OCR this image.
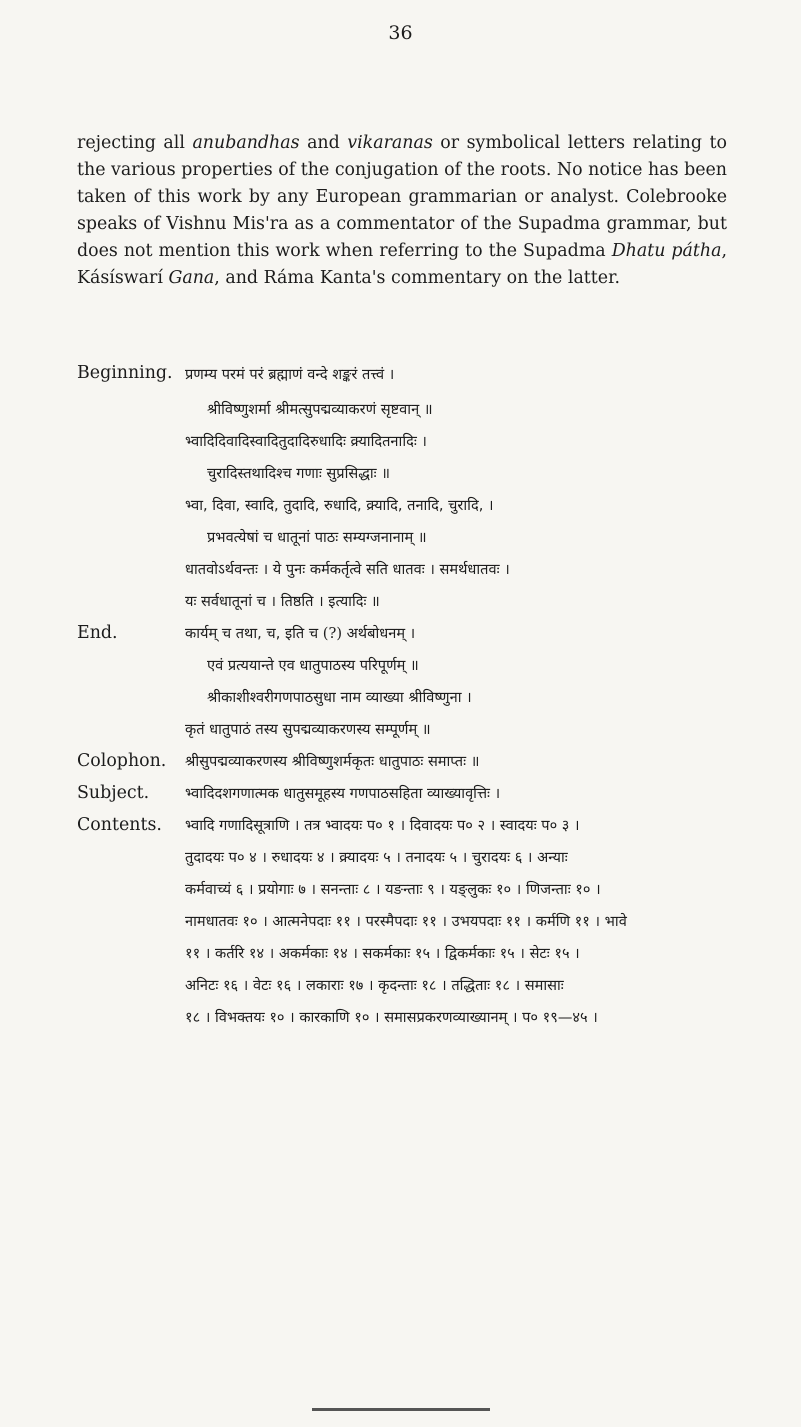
36

rejecting all anubandhas and vikaranas or symbolical letters relating to the various properties of the conjugation of the roots. No notice has been taken of this work by any European grammarian or analyst. Colebrooke speaks of Vishnu Mis'ra as a commentator of the Supadma grammar, but does not mention this work when referring to the Supadma Dhatu pátha, Kásíswarí Gana, and Ráma Kanta's commentary on the latter.

Beginning. प्रणम्य परमं परं ब्रह्माणं वन्दे शङ्करं तत्त्वं ।
श्रीविष्णुशर्मा श्रीमत्सुपद्मव्याकरणं सृष्टवान् ॥
भ्वादिदिवादिस्वादितुदादिरुधादिः क्र्यादितनादिः ।
चुरादिस्तथादिश्च गणाः सुप्रसिद्धाः ॥
भ्वा, दिवा, स्वादि, तुदादि, रुधादि, क्र्यादि, तनादि, चुरादि, ।
प्रभवत्येषां च धातूनां पाठः सम्यग्जनानाम् ॥
धातवोऽर्थवन्तः । ये पुनः कर्मकर्तृत्वे सति धातवः । समर्थधातवः ।
यः सर्वधातूनां च । तिष्ठति । इत्यादिः ॥
End.	कार्यम् च तथा, च, इति च (?) अर्थबोधनम् ।
एवं प्रत्ययान्ते एव धातुपाठस्य परिपूर्णम् ॥
श्रीकाशीश्वरीगणपाठसुधा नाम व्याख्या श्रीविष्णुना ।
कृतं धातुपाठं तस्य सुपद्मव्याकरणस्य सम्पूर्णम् ॥
Colophon.	श्रीसुपद्मव्याकरणस्य श्रीविष्णुशर्मकृतः धातुपाठः समाप्तः ॥
Subject.	भ्वादिदशगणात्मक धातुसमूहस्य गणपाठसहिता व्याख्यावृत्तिः ।
Contents.	भ्वादि गणादिसूत्राणि । तत्र भ्वादयः प० १ । दिवादयः प० २ । स्वादयः प० ३ ।
तुदादयः प० ४ । रुधादयः ४ । क्र्यादयः ५ । तनादयः ५ । चुरादयः ६ । अन्याः
कर्मवाच्यं ६ । प्रयोगाः ७ । सनन्ताः ८ । यङन्ताः ९ । यङ्लुकः १० । णिजन्ताः १० ।
नामधातवः १० । आत्मनेपदाः ११ । परस्मैपदाः ११ । उभयपदाः ११ । कर्मणि ११ । भावे
११ । कर्तरि १४ । अकर्मकाः १४ । सकर्मकाः १५ । द्विकर्मकाः १५ । सेटः १५ ।
अनिटः १६ । वेटः १६ । लकाराः १७ । कृदन्ताः १८ । तद्धिताः १८ । समासाः
१८ । विभक्तयः १० । कारकाणि १० । समासप्रकरणव्याख्यानम् । प० १९—४५ ।
